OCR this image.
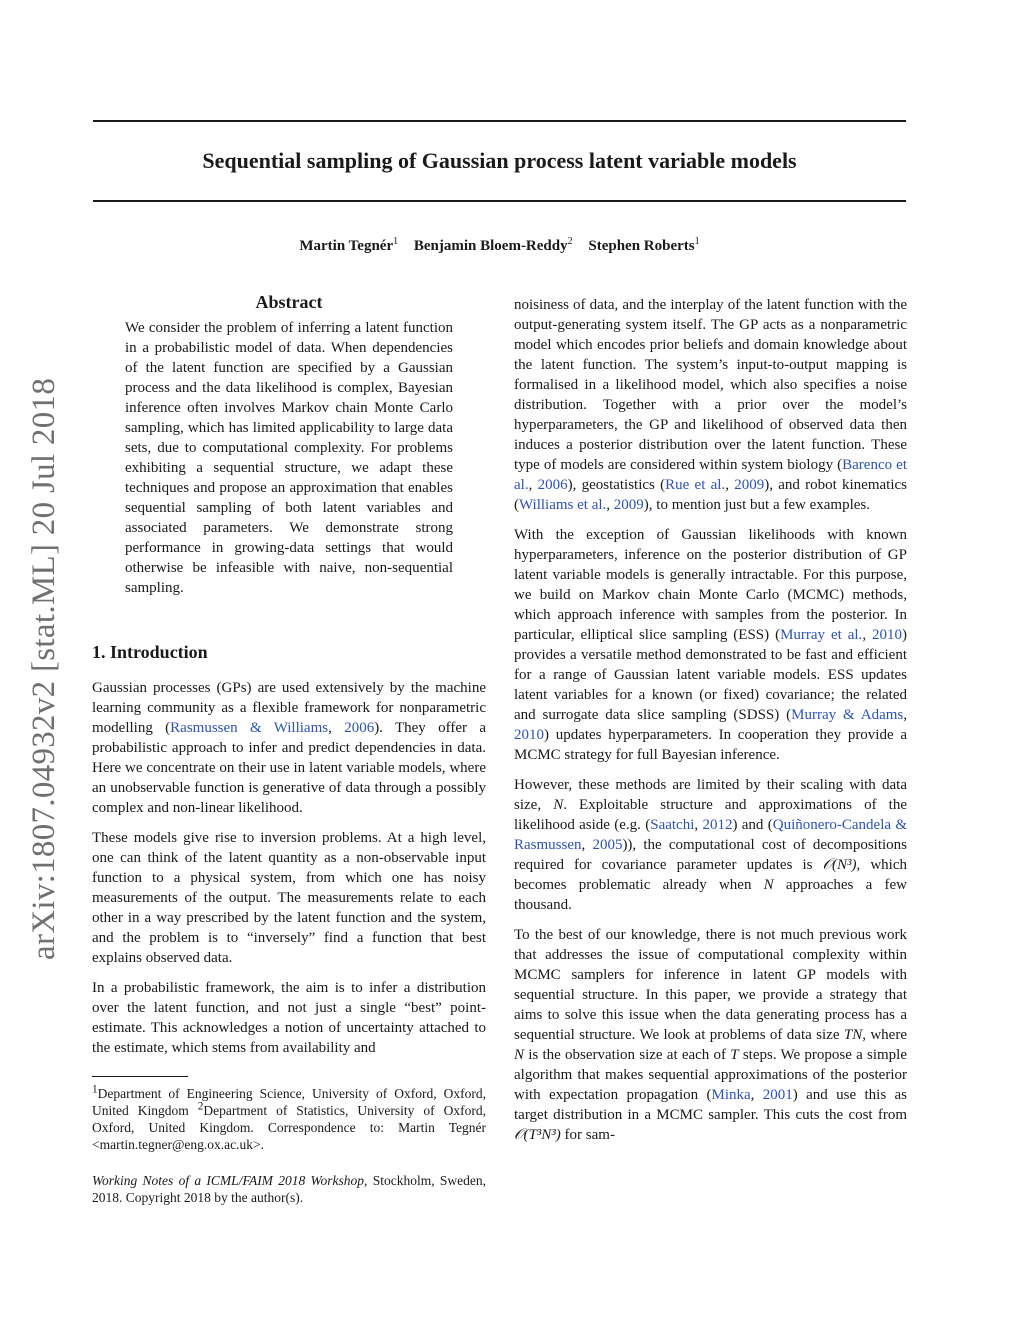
Sequential sampling of Gaussian process latent variable models
Martin Tegnér$^1$ Benjamin Bloem-Reddy$^2$ Stephen Roberts$^1$
arXiv:1807.04932v2 [stat.ML] 20 Jul 2018
Abstract
We consider the problem of inferring a latent function in a probabilistic model of data. When dependencies of the latent function are specified by a Gaussian process and the data likelihood is complex, Bayesian inference often involves Markov chain Monte Carlo sampling, which has limited applicability to large data sets, due to computational complexity. For problems exhibiting a sequential structure, we adapt these techniques and propose an approximation that enables sequential sampling of both latent variables and associated parameters. We demonstrate strong performance in growing-data settings that would otherwise be infeasible with naive, non-sequential sampling.
1. Introduction

Gaussian processes (GPs) are used extensively by the machine learning community as a flexible framework for nonparametric modelling (Rasmussen & Williams, 2006). They offer a probabilistic approach to infer and predict dependencies in data. Here we concentrate on their use in latent variable models, where an unobservable function is generative of data through a possibly complex and non-linear likelihood.

These models give rise to inversion problems. At a high level, one can think of the latent quantity as a non-observable input function to a physical system, from which one has noisy measurements of the output. The measurements relate to each other in a way prescribed by the latent function and the system, and the problem is to “inversely” find a function that best explains observed data.

In a probabilistic framework, the aim is to infer a distribution over the latent function, and not just a single “best” point-estimate. This acknowledges a notion of uncertainty attached to the estimate, which stems from availability and

$^1$Department of Engineering Science, University of Oxford, Oxford, United Kingdom $^2$Department of Statistics, University of Oxford, Oxford, United Kingdom. Correspondence to: Martin Tegnér <martin.tegner@eng.ox.ac.uk>.

Working Notes of a ICML/FAIM 2018 Workshop, Stockholm, Sweden, 2018. Copyright 2018 by the author(s).

noisiness of data, and the interplay of the latent function with the output-generating system itself. The GP acts as a nonparametric model which encodes prior beliefs and domain knowledge about the latent function. The system’s input-to-output mapping is formalised in a likelihood model, which also specifies a noise distribution. Together with a prior over the model’s hyperparameters, the GP and likelihood of observed data then induces a posterior distribution over the latent function. These type of models are considered within system biology (Barenco et al., 2006), geostatistics (Rue et al., 2009), and robot kinematics (Williams et al., 2009), to mention just but a few examples.

With the exception of Gaussian likelihoods with known hyperparameters, inference on the posterior distribution of GP latent variable models is generally intractable. For this purpose, we build on Markov chain Monte Carlo (MCMC) methods, which approach inference with samples from the posterior. In particular, elliptical slice sampling (ESS) (Murray et al., 2010) provides a versatile method demonstrated to be fast and efficient for a range of Gaussian latent variable models. ESS updates latent variables for a known (or fixed) covariance; the related and surrogate data slice sampling (SDSS) (Murray & Adams, 2010) updates hyperparameters. In cooperation they provide a MCMC strategy for full Bayesian inference.

However, these methods are limited by their scaling with data size, N. Exploitable structure and approximations of the likelihood aside (e.g. (Saatchi, 2012) and (Quiñonero-Candela & Rasmussen, 2005)), the computational cost of decompositions required for covariance parameter updates is 𝒪(N³), which becomes problematic already when N approaches a few thousand.

To the best of our knowledge, there is not much previous work that addresses the issue of computational complexity within MCMC samplers for inference in latent GP models with sequential structure. In this paper, we provide a strategy that aims to solve this issue when the data generating process has a sequential structure. We look at problems of data size TN, where N is the observation size at each of T steps. We propose a simple algorithm that makes sequential approximations of the posterior with expectation propagation (Minka, 2001) and use this as target distribution in a MCMC sampler. This cuts the cost from 𝒪(T³N³) for sam-
